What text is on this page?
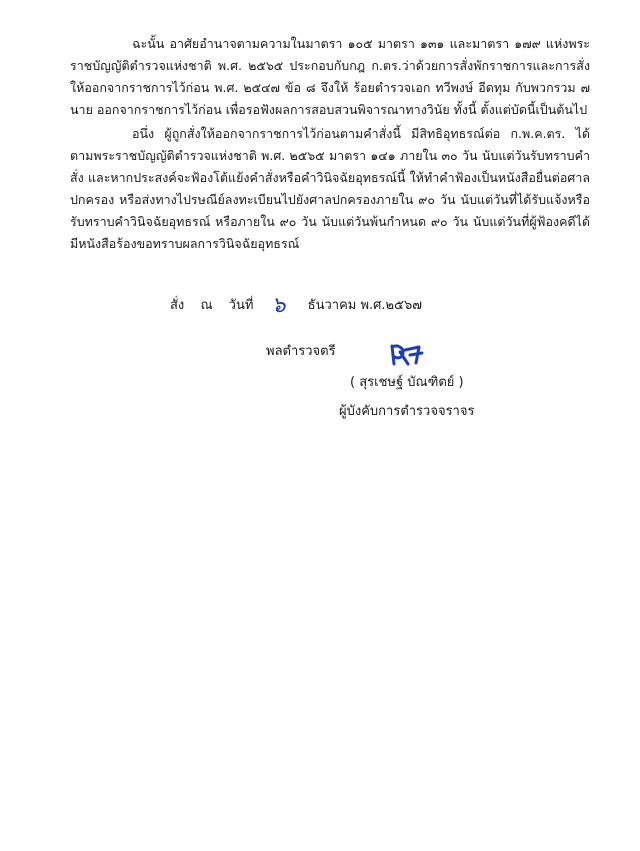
ฉะนั้น อาศัยอำนาจตามความในมาตรา ๑๐๕ มาตรา ๑๓๑ และมาตรา ๑๗๙ แห่งพระราชบัญญัติตำรวจแห่งชาติ พ.ศ. ๒๕๖๕ ประกอบกับกฎ ก.ตร.ว่าด้วยการสั่งพักราชการและการสั่งให้ออกจากราชการไว้ก่อน พ.ศ. ๒๕๔๗ ข้อ ๘ จึงให้ ร้อยตำรวจเอก ทวีพงษ์ อีดทุม กับพวกรวม ๗ นาย ออกจากราชการไว้ก่อน เพื่อรอฟังผลการสอบสวนพิจารณาทางวินัย ทั้งนี้ ตั้งแต่บัดนี้เป็นต้นไป
อนึ่ง ผู้ถูกสั่งให้ออกจากราชการไว้ก่อนตามคำสั่งนี้ มีสิทธิอุทธรณ์ต่อ ก.พ.ค.ตร. ได้ตามพระราชบัญญัติตำรวจแห่งชาติ พ.ศ. ๒๕๖๕ มาตรา ๑๔๑ ภายใน ๓๐ วัน นับแต่วันรับทราบคำสั่ง และหากประสงค์จะฟ้องโต้แย้งคำสั่งหรือคำวินิจฉัยอุทธรณ์นี้ ให้ทำคำฟ้องเป็นหนังสือยื่นต่อศาลปกครอง หรือส่งทางไปรษณีย์ลงทะเบียนไปยังศาลปกครองภายใน ๙๐ วัน นับแต่วันที่ได้รับแจ้งหรือรับทราบคำวินิจฉัยอุทธรณ์ หรือภายใน ๙๐ วัน นับแต่วันพ้นกำหนด ๙๐ วัน นับแต่วันที่ผู้ฟ้องคดีได้มีหนังสือร้องขอทราบผลการวินิจฉัยอุทธรณ์
สั่ง ณ วันที่ ๖ ธันวาคม พ.ศ.๒๕๖๗
พลตำรวจตรี
( สุรเชษฐ์ บัณฑิตย์ )
ผู้บังคับการตำรวจจราจร
